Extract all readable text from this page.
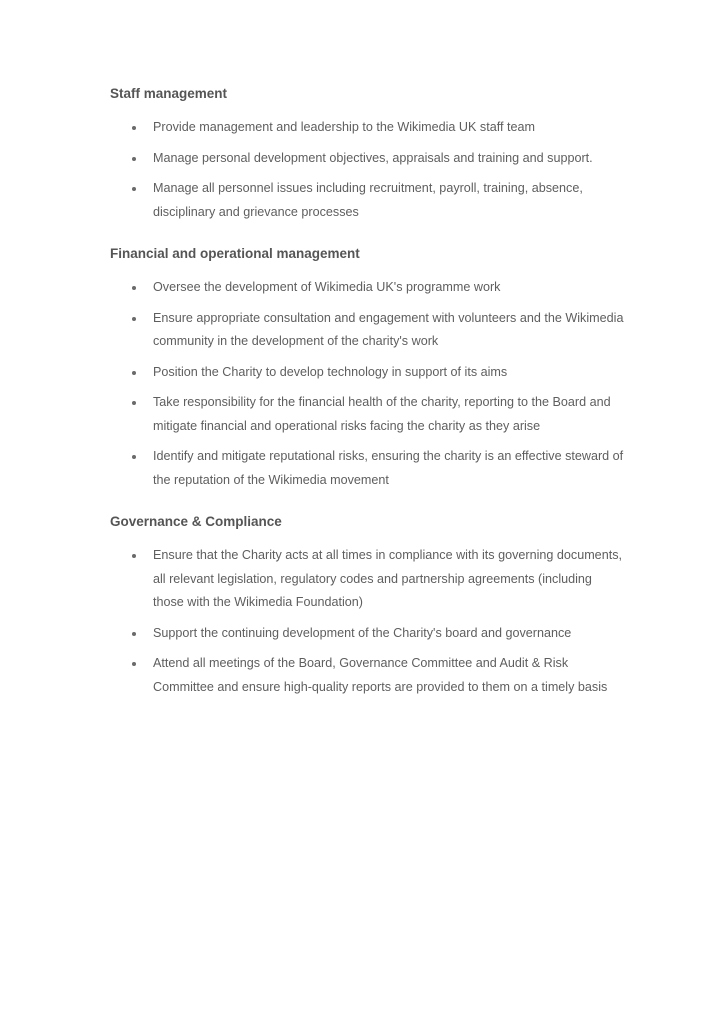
Staff management
Provide management and leadership to the Wikimedia UK staff team
Manage personal development objectives, appraisals and training and support.
Manage all personnel issues including recruitment, payroll, training, absence, disciplinary and grievance processes
Financial and operational management
Oversee the development of Wikimedia UK's programme work
Ensure appropriate consultation and engagement with volunteers and the Wikimedia community in the development of the charity's work
Position the Charity to develop technology in support of its aims
Take responsibility for the financial health of the charity, reporting to the Board and mitigate financial and operational risks facing the charity as they arise
Identify and mitigate reputational risks, ensuring the charity is an effective steward of the reputation of the Wikimedia movement
Governance & Compliance
Ensure that the Charity acts at all times in compliance with its governing documents, all relevant legislation, regulatory codes and partnership agreements (including those with the Wikimedia Foundation)
Support the continuing development of the Charity's board and governance
Attend all meetings of the Board, Governance Committee and Audit & Risk Committee and ensure high-quality reports are provided to them on a timely basis
